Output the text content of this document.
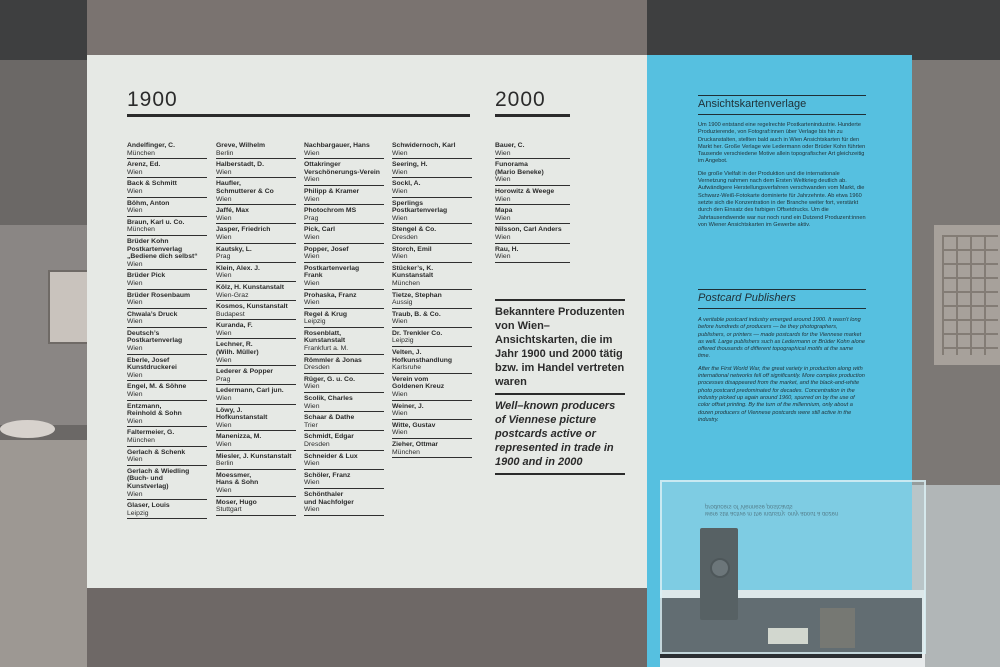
1900
Andelfinger, C.
München
Arenz, Ed.
Wien
Back & Schmitt
Wien
Böhm, Anton
Wien
Braun, Karl u. Co.
München
Brüder Kohn
Postkartenverlag
„Bediene dich selbst“
Wien
Brüder Pick
Wien
Brüder Rosenbaum
Wien
Chwala’s Druck
Wien
Deutsch’s
Postkartenverlag
Wien
Eberle, Josef
Kunstdruckerei
Wien
Engel, M. & Söhne
Wien
Entzmann,
Reinhold & Sohn
Wien
Faltermeier, G.
München
Gerlach & Schenk
Wien
Gerlach & Wiedling
(Buch- und
Kunstverlag)
Wien
Glaser, Louis
Leipzig
Greve, Wilhelm
Berlin
Halberstadt, D.
Wien
Haufler,
Schmutterer & Co
Wien
Jaffé, Max
Wien
Jasper, Friedrich
Wien
Kautsky, L.
Prag
Klein, Alex. J.
Wien
Kölz, H. Kunstanstalt
Wien-Graz
Kosmos, Kunstanstalt
Budapest
Kuranda, F.
Wien
Lechner, R.
(Wilh. Müller)
Wien
Lederer & Popper
Prag
Ledermann, Carl jun.
Wien
Löwy, J.
Hofkunstanstalt
Wien
Manenizza, M.
Wien
Miesler, J. Kunstanstalt
Berlin
Moessmer,
Hans & Sohn
Wien
Moser, Hugo
Stuttgart
Nachbargauer, Hans
Wien
Ottakringer
Verschönerungs-Verein
Wien
Philipp & Kramer
Wien
Photochrom MS
Prag
Pick, Carl
Wien
Popper, Josef
Wien
Postkartenverlag
Frank
Wien
Prohaska, Franz
Wien
Regel & Krug
Leipzig
Rosenblatt,
Kunstanstalt
Frankfurt a. M.
Römmler & Jonas
Dresden
Rüger, G. u. Co.
Wien
Scolik, Charles
Wien
Schaar & Dathe
Trier
Schmidt, Edgar
Dresden
Schneider & Lux
Wien
Schöler, Franz
Wien
Schönthaler
und Nachfolger
Wien
Schwidernoch, Karl
Wien
Seering, H.
Wien
Sockl, A.
Wien
Sperlings
Postkartenverlag
Wien
Stengel & Co.
Dresden
Storch, Emil
Wien
Stücker’s, K.
Kunstanstalt
München
Tietze, Stephan
Aussig
Traub, B. & Co.
Wien
Dr. Trenkler Co.
Leipzig
Velten, J.
Hofkunsthandlung
Karlsruhe
Verein vom
Goldenen Kreuz
Wien
Weiner, J.
Wien
Witte, Gustav
Wien
Zieher, Ottmar
München
2000
Bauer, C.
Wien
Funorama
(Mario Beneke)
Wien
Horowitz & Weege
Wien
Mapa
Wien
Nilsson, Carl Anders
Wien
Rau, H.
Wien
Bekanntere Produzenten von Wien–Ansichtskarten, die im Jahr 1900 und 2000 tätig bzw. im Handel vertreten waren
Well–known producers of Viennese picture postcards active or represented in trade in 1900 and in 2000
Ansichtskartenverlage

Um 1900 entstand eine regelrechte Postkartenindustrie. Hunderte Produzierende, von Fotograf:innen über Verlage bis hin zu Druckanstalten, stellten bald auch in Wien Ansichtskarten für den Markt her. Große Verlage wie Ledermann oder Brüder Kohn führten Tausende verschiedene Motive allein topografischer Art gleichzeitig im Angebot.

Die große Vielfalt in der Produktion und die internationale Vernetzung nahmen nach dem Ersten Weltkrieg deutlich ab. Aufwändigere Herstellungsverfahren verschwanden vom Markt, die Schwarz-Weiß-Fotokarte dominierte für Jahrzehnte. Ab etwa 1960 setzte sich die Konzentration in der Branche weiter fort, verstärkt durch den Einsatz des farbigen Offsetdrucks. Um die Jahrtausendwende war nur noch rund ein Dutzend Produzent:innen von Wiener Ansichtskarten im Gewerbe aktiv.

Postcard Publishers

A veritable postcard industry emerged around 1900. It wasn’t long before hundreds of producers — be they photographers, publishers, or printers — made postcards for the Viennese market as well. Large publishers such as Ledermann or Brüder Kohn alone offered thousands of different topographical motifs at the same time.

After the First World War, the great variety in production along with international networks fell off significantly. More complex production processes disappeared from the market, and the black-and-white photo postcard predominated for decades. Concentration in the industry picked up again around 1960, spurred on by the use of color offset printing. By the turn of the millennium, only about a dozen producers of Viennese postcards were still active in the industry.

were still active in the industry. only about a dozen producers of Viennese postcards
